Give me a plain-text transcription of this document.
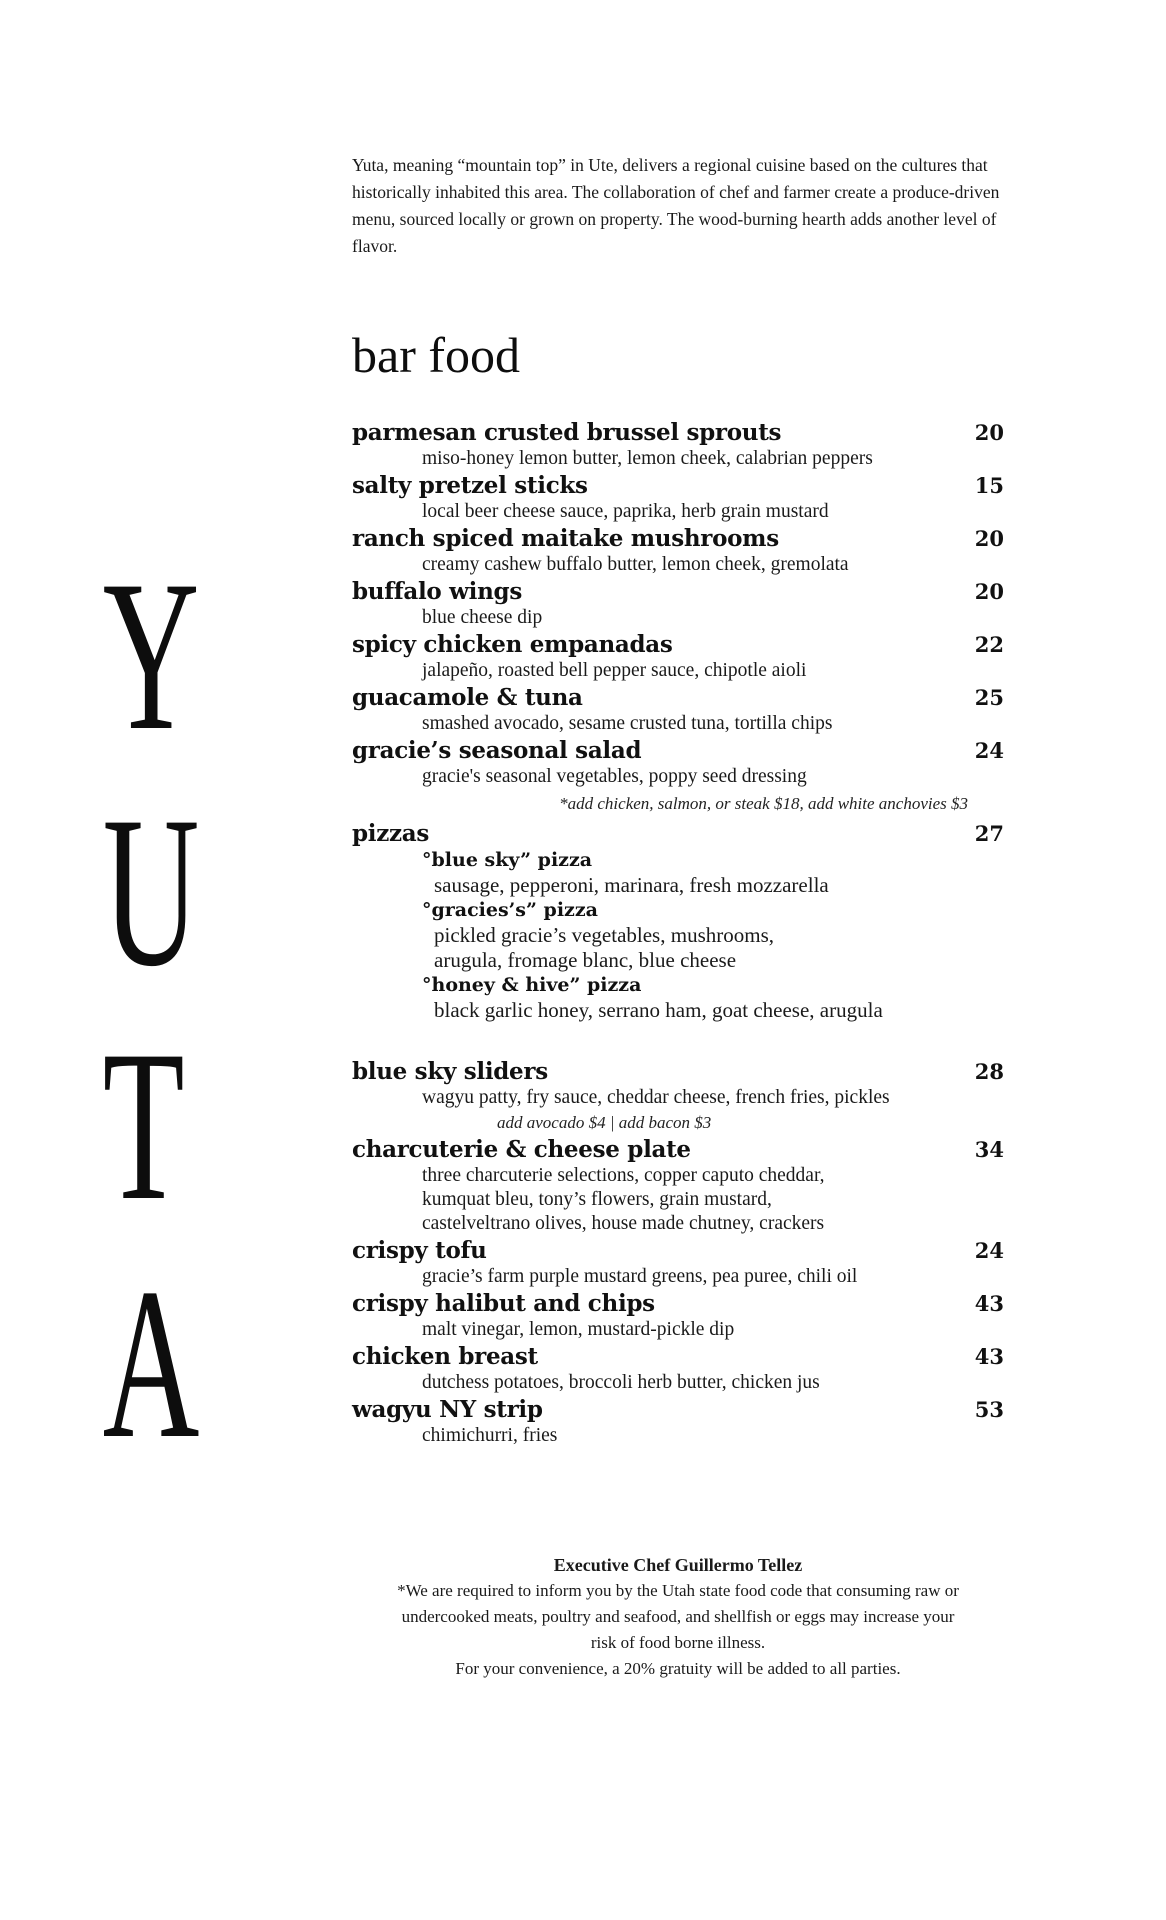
Y
U
T
A

Yuta, meaning “mountain top” in Ute, delivers a regional cuisine based on the cultures that historically inhabited this area. The collaboration of chef and farmer create a produce-driven menu, sourced locally or grown on property. The wood-burning hearth adds another level of flavor.

bar food
parmesan crusted brussel sprouts	20
miso-honey lemon butter, lemon cheek, calabrian peppers
salty pretzel sticks	15
local beer cheese sauce, paprika, herb grain mustard
ranch spiced maitake mushrooms	20
creamy cashew buffalo butter, lemon cheek, gremolata
buffalo wings	20
blue cheese dip
spicy chicken empanadas	22
jalapeño, roasted bell pepper sauce, chipotle aioli
guacamole & tuna	25
smashed avocado, sesame crusted tuna, tortilla chips
gracie’s seasonal salad	24
gracie's seasonal vegetables, poppy seed dressing
*add chicken, salmon, or steak $18, add white anchovies $3
pizzas	27
°blue sky” pizza
sausage, pepperoni, marinara, fresh mozzarella
°gracies’s” pizza
pickled gracie’s vegetables, mushrooms,
arugula, fromage blanc, blue cheese
°honey & hive” pizza
black garlic honey, serrano ham, goat cheese, arugula
blue sky sliders	28
wagyu patty, fry sauce, cheddar cheese, french fries, pickles
add avocado $4 | add bacon $3
charcuterie & cheese plate	34
three charcuterie selections, copper caputo cheddar,
kumquat bleu, tony’s flowers, grain mustard,
castelveltrano olives, house made chutney, crackers
crispy tofu	24
gracie’s farm purple mustard greens, pea puree, chili oil
crispy halibut and chips	43
malt vinegar, lemon, mustard-pickle dip
chicken breast	43
dutchess potatoes, broccoli herb butter, chicken jus
wagyu NY strip	53
chimichurri, fries
Executive Chef Guillermo Tellez
*We are required to inform you by the Utah state food code that consuming raw or
undercooked meats, poultry and seafood, and shellfish or eggs may increase your
risk of food borne illness.
For your convenience, a 20% gratuity will be added to all parties.
